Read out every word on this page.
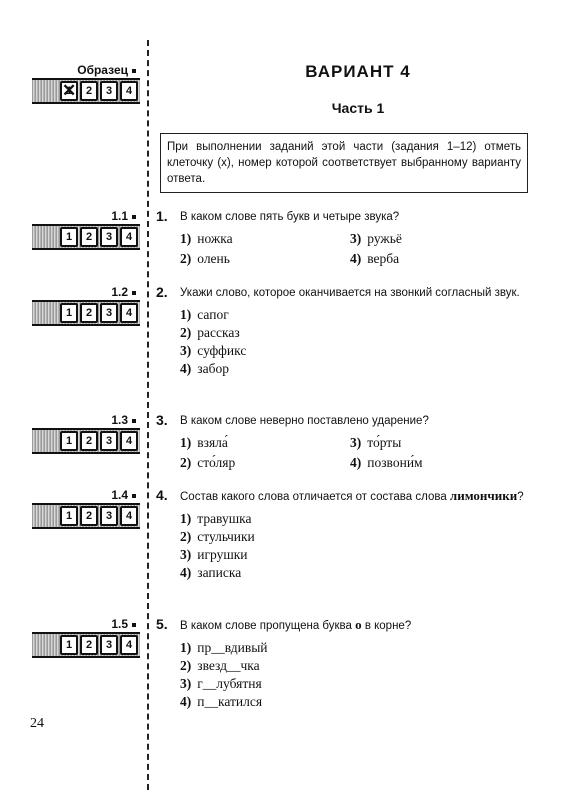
Образец
1 ✕	2	3	4
ВАРИАНТ 4
Часть 1
При выполнении заданий этой части (задания 1–12) отметь клеточку (х), номер которой соответствует выбранному варианту ответа.
1.1
1	2	3	4
1.2
1	2	3	4
1.3
1	2	3	4
1.4
1	2	3	4
1.5
1	2	3	4
1.	В каком слове пять букв и четыре звука?
1) ножка	3) ружьё
2) олень	4) верба
2.	Укажи слово, которое оканчивается на звонкий согласный звук.
1) сапог
2) рассказ
3) суффикс
4) забор
3.	В каком слове неверно поставлено ударение?
1) взяла́	3) то́рты
2) сто́ляр	4) позвони́м
4.	Состав какого слова отличается от состава слова лимончики?
1) травушка
2) стульчики
3) игрушки
4) записка
5.	В каком слове пропущена буква о в корне?
1) пр__вдивый
2) звезд__чка
3) г__лубятня
4) п__катился
24
